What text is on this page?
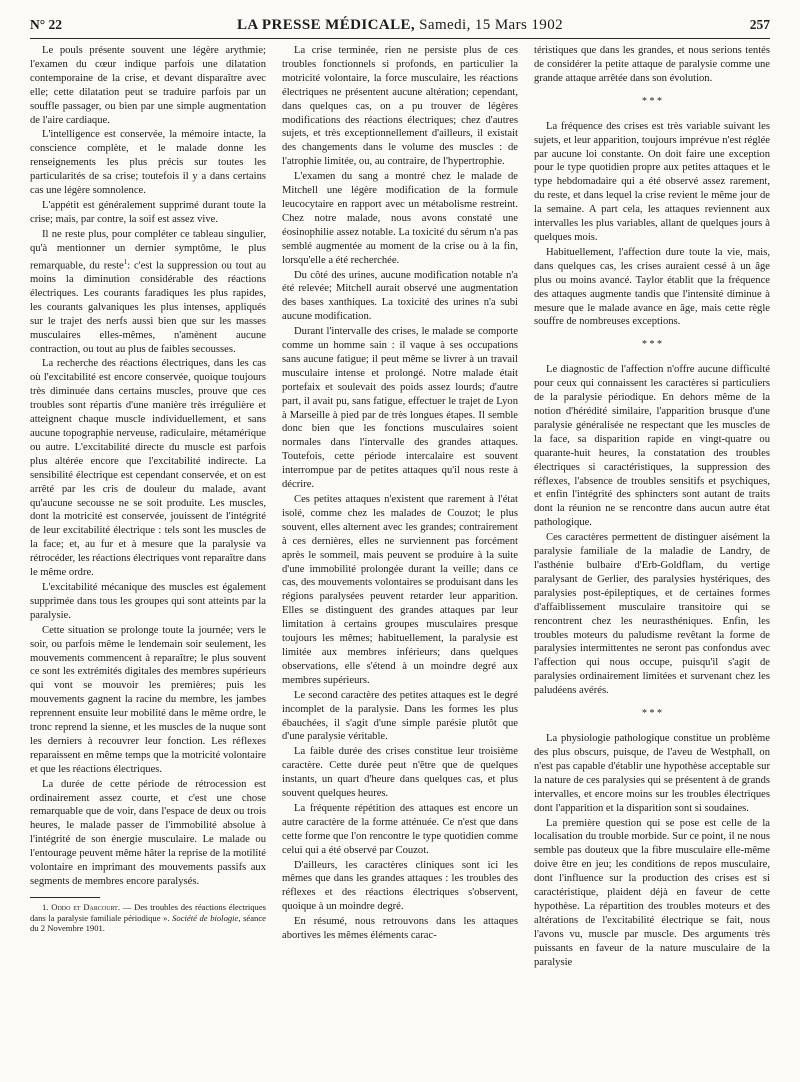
N° 22	LA PRESSE MÉDICALE, Samedi, 15 Mars 1902	257

Le pouls présente souvent une légère arythmie; l'examen du cœur indique parfois une dilatation contemporaine de la crise, et devant disparaître avec elle; cette dilatation peut se traduire parfois par un souffle passager, ou bien par une simple augmentation de l'aire cardiaque.

L'intelligence est conservée, la mémoire intacte, la conscience complète, et le malade donne les renseignements les plus précis sur toutes les particularités de sa crise; toutefois il y a dans certains cas une légère somnolence.

L'appétit est généralement supprimé durant toute la crise; mais, par contre, la soif est assez vive.

Il ne reste plus, pour compléter ce tableau singulier, qu'à mentionner un dernier symptôme, le plus remarquable, du reste$^1$: c'est la suppression ou tout au moins la diminution considérable des réactions électriques. Les courants faradiques les plus rapides, les courants galvaniques les plus intenses, appliqués sur le trajet des nerfs aussi bien que sur les masses musculaires elles-mêmes, n'amènent aucune contraction, ou tout au plus de faibles secousses.

La recherche des réactions électriques, dans les cas où l'excitabilité est encore conservée, quoique toujours très diminuée dans certains muscles, prouve que ces troubles sont répartis d'une manière très irrégulière et atteignent chaque muscle individuellement, et sans aucune topographie nerveuse, radiculaire, métamérique ou autre. L'excitabilité directe du muscle est parfois plus altérée encore que l'excitabilité indirecte. La sensibilité électrique est cependant conservée, et on est arrêté par les cris de douleur du malade, avant qu'aucune secousse ne se soit produite. Les muscles, dont la motricité est conservée, jouissent de l'intégrité de leur excitabilité électrique : tels sont les muscles de la face; et, au fur et à mesure que la paralysie va rétrocéder, les réactions électriques vont reparaître dans le même ordre.

L'excitabilité mécanique des muscles est également supprimée dans tous les groupes qui sont atteints par la paralysie.

Cette situation se prolonge toute la journée; vers le soir, ou parfois même le lendemain soir seulement, les mouvements commencent à reparaître; le plus souvent ce sont les extrémités digitales des membres supérieurs qui vont se mouvoir les premières; puis les mouvements gagnent la racine du membre, les jambes reprennent ensuite leur mobilité dans le même ordre, le tronc reprend la sienne, et les muscles de la nuque sont les derniers à recouvrer leur fonction. Les réflexes reparaissent en même temps que la motricité volontaire et que les réactions électriques.

La durée de cette période de rétrocession est ordinairement assez courte, et c'est une chose remarquable que de voir, dans l'espace de deux ou trois heures, le malade passer de l'immobilité absolue à l'intégrité de son énergie musculaire. Le malade ou l'entourage peuvent même hâter la reprise de la motilité volontaire en imprimant des mouvements passifs aux segments de membres encore paralysés.

1. Oddo et Darcourt. — Des troubles des réactions électriques dans la paralysie familiale périodique ». Société de biologie, séance du 2 Novembre 1901.

La crise terminée, rien ne persiste plus de ces troubles fonctionnels si profonds, en particulier la motricité volontaire, la force musculaire, les réactions électriques ne présentent aucune altération; cependant, dans quelques cas, on a pu trouver de légères modifications des réactions électriques; chez d'autres sujets, et très exceptionnellement d'ailleurs, il existait des changements dans le volume des muscles : de l'atrophie limitée, ou, au contraire, de l'hypertrophie.

L'examen du sang a montré chez le malade de Mitchell une légère modification de la formule leucocytaire en rapport avec un métabolisme restreint. Chez notre malade, nous avons constaté une éosinophilie assez notable. La toxicité du sérum n'a pas semblé augmentée au moment de la crise ou à la fin, lorsqu'elle a été recherchée.

Du côté des urines, aucune modification notable n'a été relevée; Mitchell aurait observé une augmentation des bases xanthiques. La toxicité des urines n'a subi aucune modification.

Durant l'intervalle des crises, le malade se comporte comme un homme sain : il vaque à ses occupations sans aucune fatigue; il peut même se livrer à un travail musculaire intense et prolongé. Notre malade était portefaix et soulevait des poids assez lourds; d'autre part, il avait pu, sans fatigue, effectuer le trajet de Lyon à Marseille à pied par de très longues étapes. Il semble donc bien que les fonctions musculaires soient normales dans l'intervalle des grandes attaques. Toutefois, cette période intercalaire est souvent interrompue par de petites attaques qu'il nous reste à décrire.

Ces petites attaques n'existent que rarement à l'état isolé, comme chez les malades de Couzot; le plus souvent, elles alternent avec les grandes; contrairement à ces dernières, elles ne surviennent pas forcément après le sommeil, mais peuvent se produire à la suite d'une immobilité prolongée durant la veille; dans ce cas, des mouvements volontaires se produisant dans les régions paralysées peuvent retarder leur apparition. Elles se distinguent des grandes attaques par leur limitation à certains groupes musculaires presque toujours les mêmes; habituellement, la paralysie est limitée aux membres inférieurs; dans quelques observations, elle s'étend à un moindre degré aux membres supérieurs.

Le second caractère des petites attaques est le degré incomplet de la paralysie. Dans les formes les plus ébauchées, il s'agit d'une simple parésie plutôt que d'une paralysie véritable.

La faible durée des crises constitue leur troisième caractère. Cette durée peut n'être que de quelques instants, un quart d'heure dans quelques cas, et plus souvent quelques heures.

La fréquente répétition des attaques est encore un autre caractère de la forme atténuée. Ce n'est que dans cette forme que l'on rencontre le type quotidien comme celui qui a été observé par Couzot.

D'ailleurs, les caractères cliniques sont ici les mêmes que dans les grandes attaques : les troubles des réflexes et des réactions électriques s'observent, quoique à un moindre degré.

En résumé, nous retrouvons dans les attaques abortives les mêmes éléments carac-

téristiques que dans les grandes, et nous serions tentés de considérer la petite attaque de paralysie comme une grande attaque arrêtée dans son évolution.

* * *

La fréquence des crises est très variable suivant les sujets, et leur apparition, toujours imprévue n'est réglée par aucune loi constante. On doit faire une exception pour le type quotidien propre aux petites attaques et le type hebdomadaire qui a été observé assez rarement, du reste, et dans lequel la crise revient le même jour de la semaine. A part cela, les attaques reviennent aux intervalles les plus variables, allant de quelques jours à quelques mois.

Habituellement, l'affection dure toute la vie, mais, dans quelques cas, les crises auraient cessé à un âge plus ou moins avancé. Taylor établit que la fréquence des attaques augmente tandis que l'intensité diminue à mesure que le malade avance en âge, mais cette règle souffre de nombreuses exceptions.

* * *

Le diagnostic de l'affection n'offre aucune difficulté pour ceux qui connaissent les caractères si particuliers de la paralysie périodique. En dehors même de la notion d'hérédité similaire, l'apparition brusque d'une paralysie généralisée ne respectant que les muscles de la face, sa disparition rapide en vingt-quatre ou quarante-huit heures, la constatation des troubles électriques si caractéristiques, la suppression des réflexes, l'absence de troubles sensitifs et psychiques, et enfin l'intégrité des sphincters sont autant de traits dont la réunion ne se rencontre dans aucun autre état pathologique.

Ces caractères permettent de distinguer aisément la paralysie familiale de la maladie de Landry, de l'asthénie bulbaire d'Erb-Goldflam, du vertige paralysant de Gerlier, des paralysies hystériques, des paralysies post-épileptiques, et de certaines formes d'affaiblissement musculaire transitoire qui se rencontrent chez les neurasthéniques. Enfin, les troubles moteurs du paludisme revêtant la forme de paralysies intermittentes ne seront pas confondus avec l'affection qui nous occupe, puisqu'il s'agit de paralysies ordinairement limitées et survenant chez les paludéens avérés.

* * *

La physiologie pathologique constitue un problème des plus obscurs, puisque, de l'aveu de Westphall, on n'est pas capable d'établir une hypothèse acceptable sur la nature de ces paralysies qui se présentent à de grands intervalles, et encore moins sur les troubles électriques dont l'apparition et la disparition sont si soudaines.

La première question qui se pose est celle de la localisation du trouble morbide. Sur ce point, il ne nous semble pas douteux que la fibre musculaire elle-même doive être en jeu; les conditions de repos musculaire, dont l'influence sur la production des crises est si caractéristique, plaident déjà en faveur de cette hypothèse. La répartition des troubles moteurs et des altérations de l'excitabilité électrique se fait, nous l'avons vu, muscle par muscle. Des arguments très puissants en faveur de la nature musculaire de la paralysie
